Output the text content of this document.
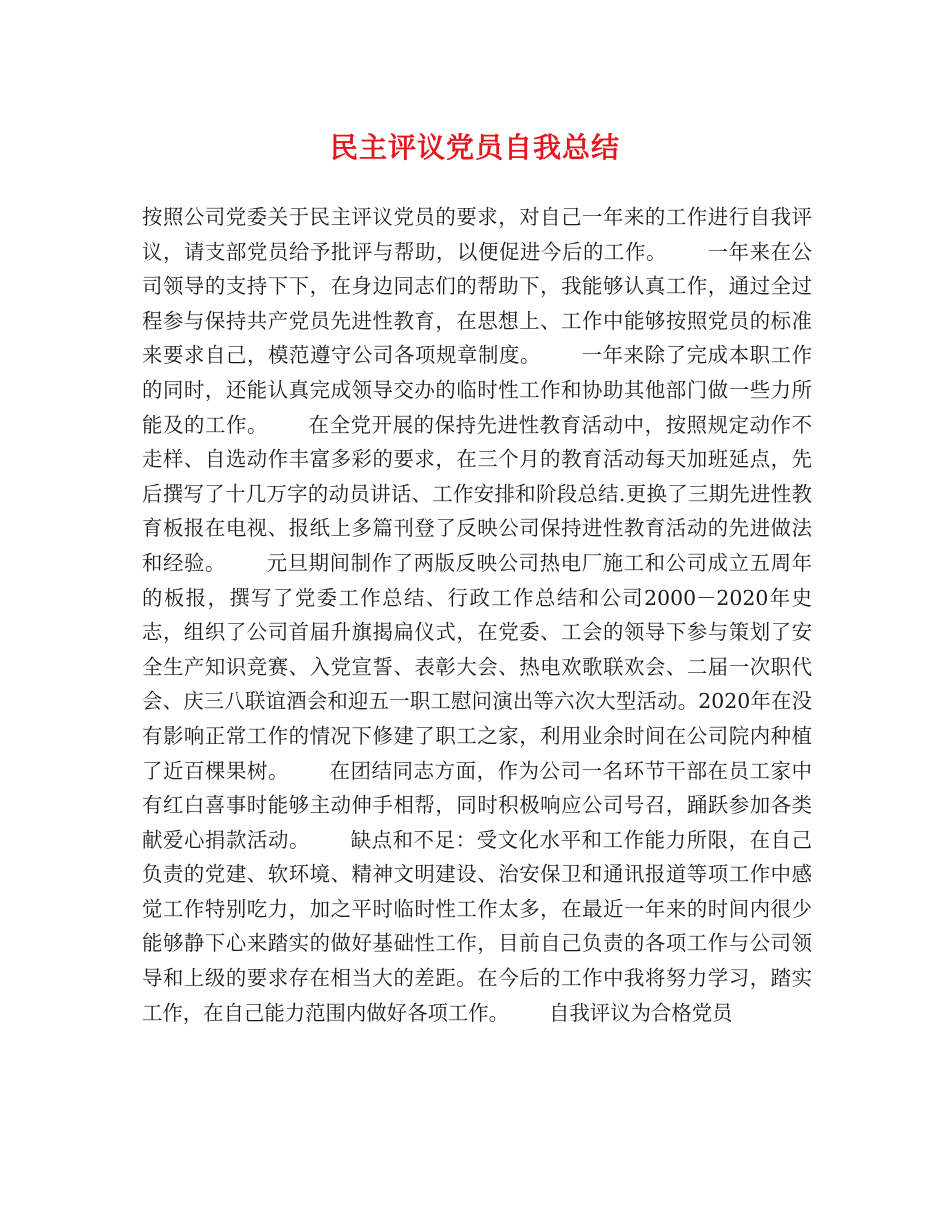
民主评议党员自我总结

按照公司党委关于民主评议党员的要求，对自己一年来的工作进行自我评议，请支部党员给予批评与帮助，以便促进今后的工作。 一年来在公司领导的支持下下，在身边同志们的帮助下，我能够认真工作，通过全过程参与保持共产党员先进性教育，在思想上、工作中能够按照党员的标准来要求自己，模范遵守公司各项规章制度。 一年来除了完成本职工作的同时，还能认真完成领导交办的临时性工作和协助其他部门做一些力所能及的工作。 在全党开展的保持先进性教育活动中，按照规定动作不走样、自选动作丰富多彩的要求，在三个月的教育活动每天加班延点，先后撰写了十几万字的动员讲话、工作安排和阶段总结.更换了三期先进性教育板报在电视、报纸上多篇刊登了反映公司保持进性教育活动的先进做法和经验。 元旦期间制作了两版反映公司热电厂施工和公司成立五周年的板报，撰写了党委工作总结、行政工作总结和公司2000－2020年史志，组织了公司首届升旗揭扁仪式，在党委、工会的领导下参与策划了安全生产知识竞赛、入党宣誓、表彰大会、热电欢歌联欢会、二届一次职代会、庆三八联谊酒会和迎五一职工慰问演出等六次大型活动。2020年在没有影响正常工作的情况下修建了职工之家，利用业余时间在公司院内种植了近百棵果树。 在团结同志方面，作为公司一名环节干部在员工家中有红白喜事时能够主动伸手相帮，同时积极响应公司号召，踊跃参加各类献爱心捐款活动。 缺点和不足：受文化水平和工作能力所限，在自己负责的党建、软环境、精神文明建设、治安保卫和通讯报道等项工作中感觉工作特别吃力，加之平时临时性工作太多，在最近一年来的时间内很少能够静下心来踏实的做好基础性工作，目前自己负责的各项工作与公司领导和上级的要求存在相当大的差距。在今后的工作中我将努力学习，踏实工作，在自己能力范围内做好各项工作。 自我评议为合格党员
